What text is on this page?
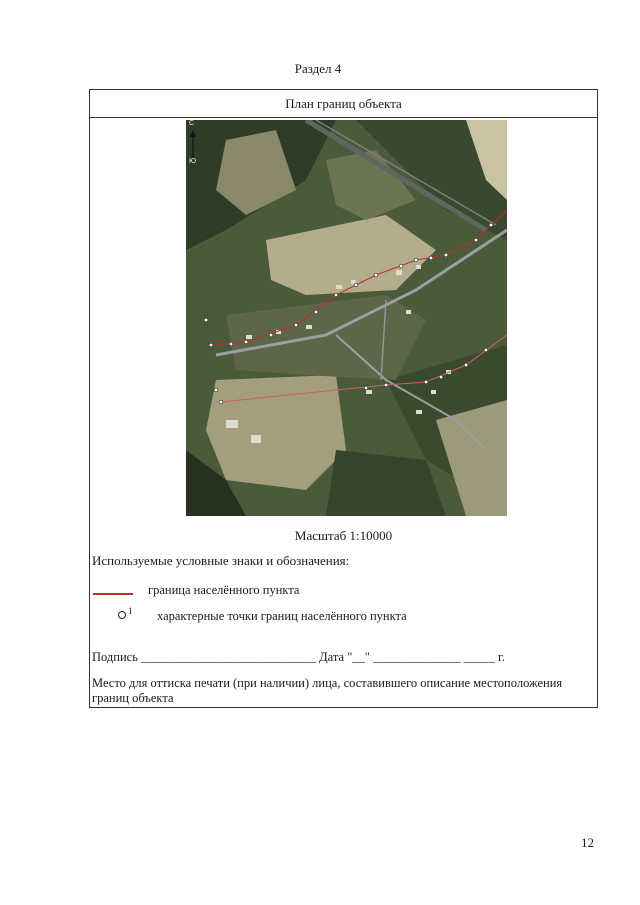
Раздел 4
План границ объекта
С
Ю
Масштаб 1:10000
Используемые условные знаки и обозначения:
граница населённого пункта
1 характерные точки границ населённого пункта
Подпись ____________________________ Дата "__" ______________ _____ г.
Место для оттиска печати (при наличии) лица, составившего описание местоположения границ объекта
12
